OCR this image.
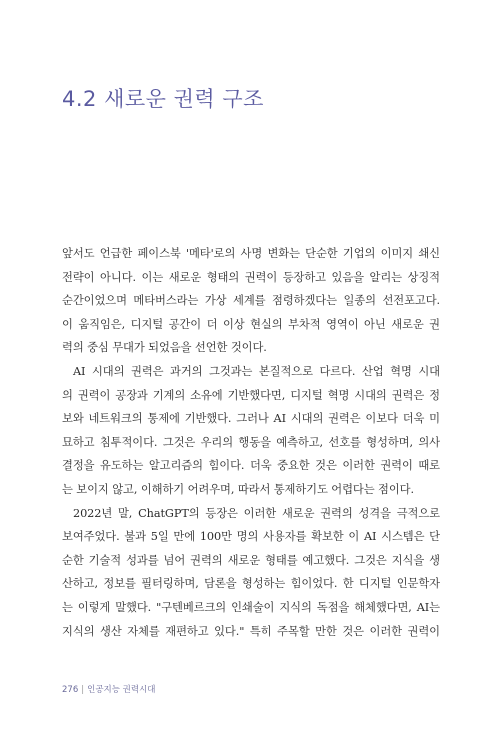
4.2 새로운 권력 구조

앞서도 언급한 페이스북 '메타'로의 사명 변화는 단순한 기업의 이미지 쇄신
전략이 아니다. 이는 새로운 형태의 권력이 등장하고 있음을 알리는 상징적
순간이었으며 메타버스라는 가상 세계를 점령하겠다는 일종의 선전포고다.
이 움직임은, 디지털 공간이 더 이상 현실의 부차적 영역이 아닌 새로운 권
력의 중심 무대가 되었음을 선언한 것이다.

AI 시대의 권력은 과거의 그것과는 본질적으로 다르다. 산업 혁명 시대
의 권력이 공장과 기계의 소유에 기반했다면, 디지털 혁명 시대의 권력은 정
보와 네트워크의 통제에 기반했다. 그러나 AI 시대의 권력은 이보다 더욱 미
묘하고 침투적이다. 그것은 우리의 행동을 예측하고, 선호를 형성하며, 의사
결정을 유도하는 알고리즘의 힘이다. 더욱 중요한 것은 이러한 권력이 때로
는 보이지 않고, 이해하기 어려우며, 따라서 통제하기도 어렵다는 점이다.

2022년 말, ChatGPT의 등장은 이러한 새로운 권력의 성격을 극적으로
보여주었다. 불과 5일 만에 100만 명의 사용자를 확보한 이 AI 시스템은 단
순한 기술적 성과를 넘어 권력의 새로운 형태를 예고했다. 그것은 지식을 생
산하고, 정보를 필터링하며, 담론을 형성하는 힘이었다. 한 디지털 인문학자
는 이렇게 말했다. "구텐베르크의 인쇄술이 지식의 독점을 해체했다면, AI는
지식의 생산 자체를 재편하고 있다." 특히 주목할 만한 것은 이러한 권력이

276 | 인공지능 권력시대
